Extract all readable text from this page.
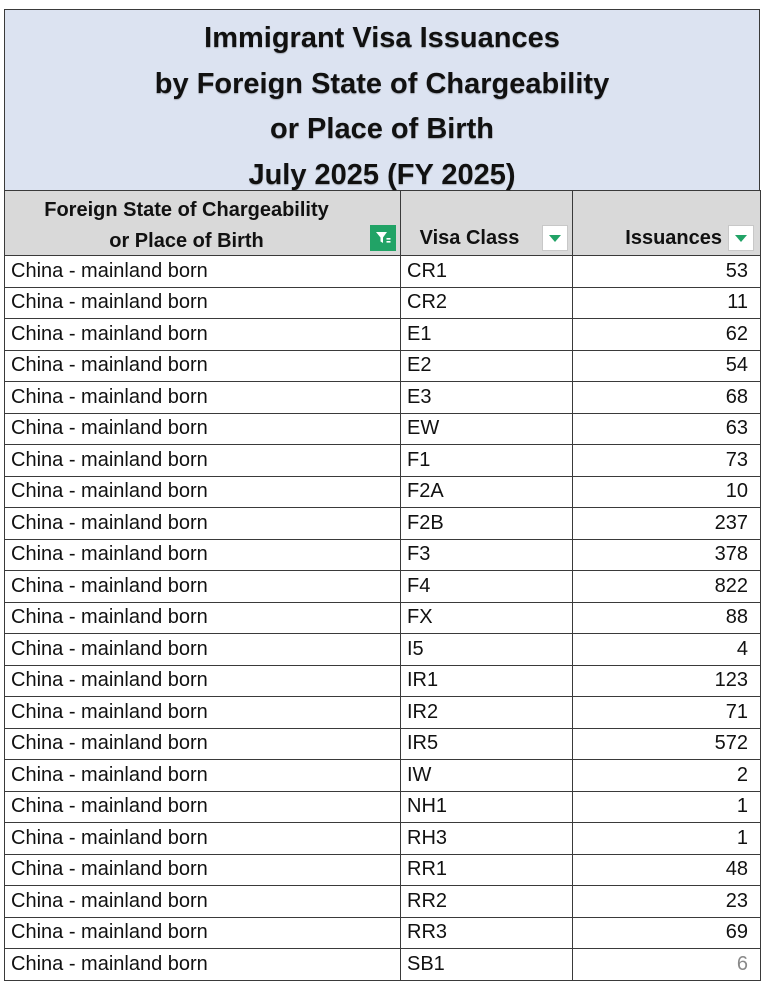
Immigrant Visa Issuances
by Foreign State of Chargeability
or Place of Birth
July 2025 (FY 2025)
Foreign State of Chargeability
or Place of Birth	Visa Class	Issuances

China - mainland born	CR1	53
China - mainland born	CR2	11
China - mainland born	E1	62
China - mainland born	E2	54
China - mainland born	E3	68
China - mainland born	EW	63
China - mainland born	F1	73
China - mainland born	F2A	10
China - mainland born	F2B	237
China - mainland born	F3	378
China - mainland born	F4	822
China - mainland born	FX	88
China - mainland born	I5	4
China - mainland born	IR1	123
China - mainland born	IR2	71
China - mainland born	IR5	572
China - mainland born	IW	2
China - mainland born	NH1	1
China - mainland born	RH3	1
China - mainland born	RR1	48
China - mainland born	RR2	23
China - mainland born	RR3	69
China - mainland born	SB1	6
